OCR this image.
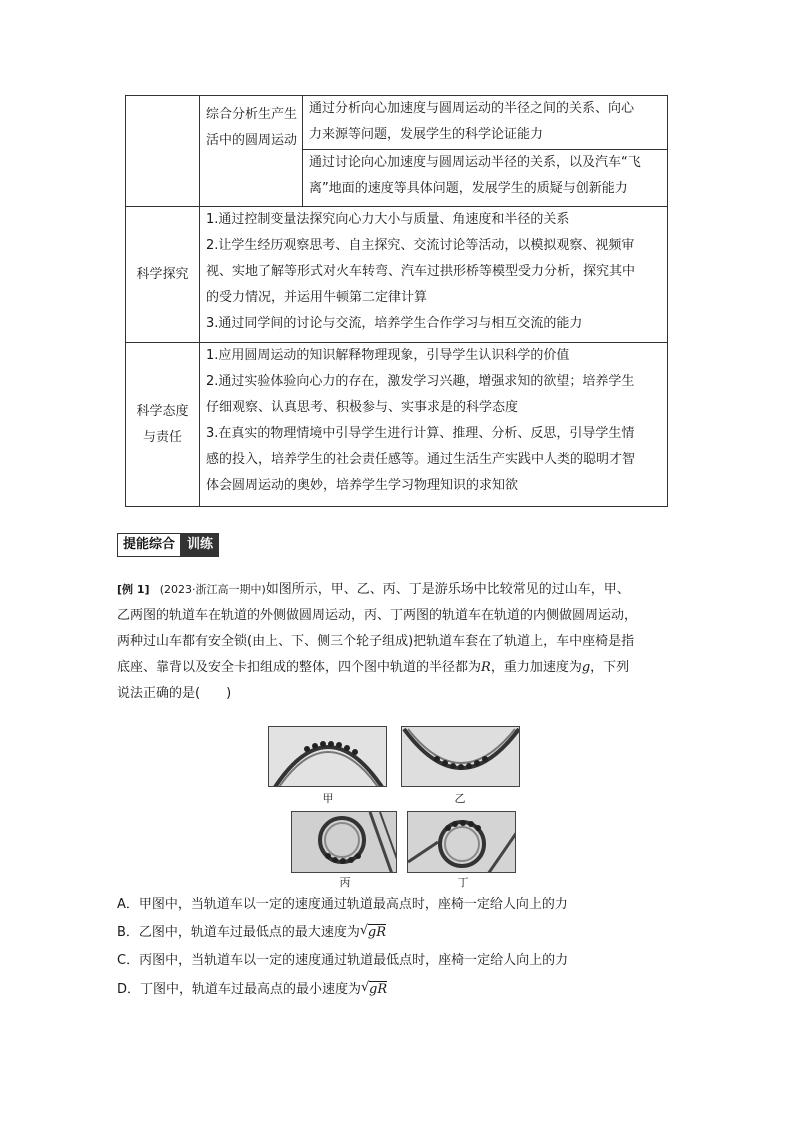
综合分析生产生活中的圆周运动
通过分析向心加速度与圆周运动的半径之间的关系、向心
力来源等问题，发展学生的科学论证能力
通过讨论向心加速度与圆周运动半径的关系，以及汽车“飞
离”地面的速度等具体问题，发展学生的质疑与创新能力
科学探究
1.通过控制变量法探究向心力大小与质量、角速度和半径的关系
2.让学生经历观察思考、自主探究、交流讨论等活动，以模拟观察、视频审
视、实地了解等形式对火车转弯、汽车过拱形桥等模型受力分析，探究其中
的受力情况，并运用牛顿第二定律计算
3.通过同学间的讨论与交流，培养学生合作学习与相互交流的能力
科学态度
与责任
1.应用圆周运动的知识解释物理现象，引导学生认识科学的价值
2.通过实验体验向心力的存在，激发学习兴趣，增强求知的欲望；培养学生
仔细观察、认真思考、积极参与、实事求是的科学态度
3.在真实的物理情境中引导学生进行计算、推理、分析、反思，引导学生情
感的投入，培养学生的社会责任感等。通过生活生产实践中人类的聪明才智
体会圆周运动的奥妙，培养学生学习物理知识的求知欲
提能综合 训练
[例 1] (2023·浙江高一期中)如图所示，甲、乙、丙、丁是游乐场中比较常见的过山车，甲、
乙两图的轨道车在轨道的外侧做圆周运动，丙、丁两图的轨道车在轨道的内侧做圆周运动，
两种过山车都有安全锁(由上、下、侧三个轮子组成)把轨道车套在了轨道上，车中座椅是指
底座、靠背以及安全卡扣组成的整体，四个图中轨道的半径都为R，重力加速度为g，下列
说法正确的是(　　)
甲	乙
丙	丁
A．甲图中，当轨道车以一定的速度通过轨道最高点时，座椅一定给人向上的力
B．乙图中，轨道车过最低点的最大速度为 √ gR
C．丙图中，当轨道车以一定的速度通过轨道最低点时，座椅一定给人向上的力
D．丁图中，轨道车过最高点的最小速度为 √ gR
